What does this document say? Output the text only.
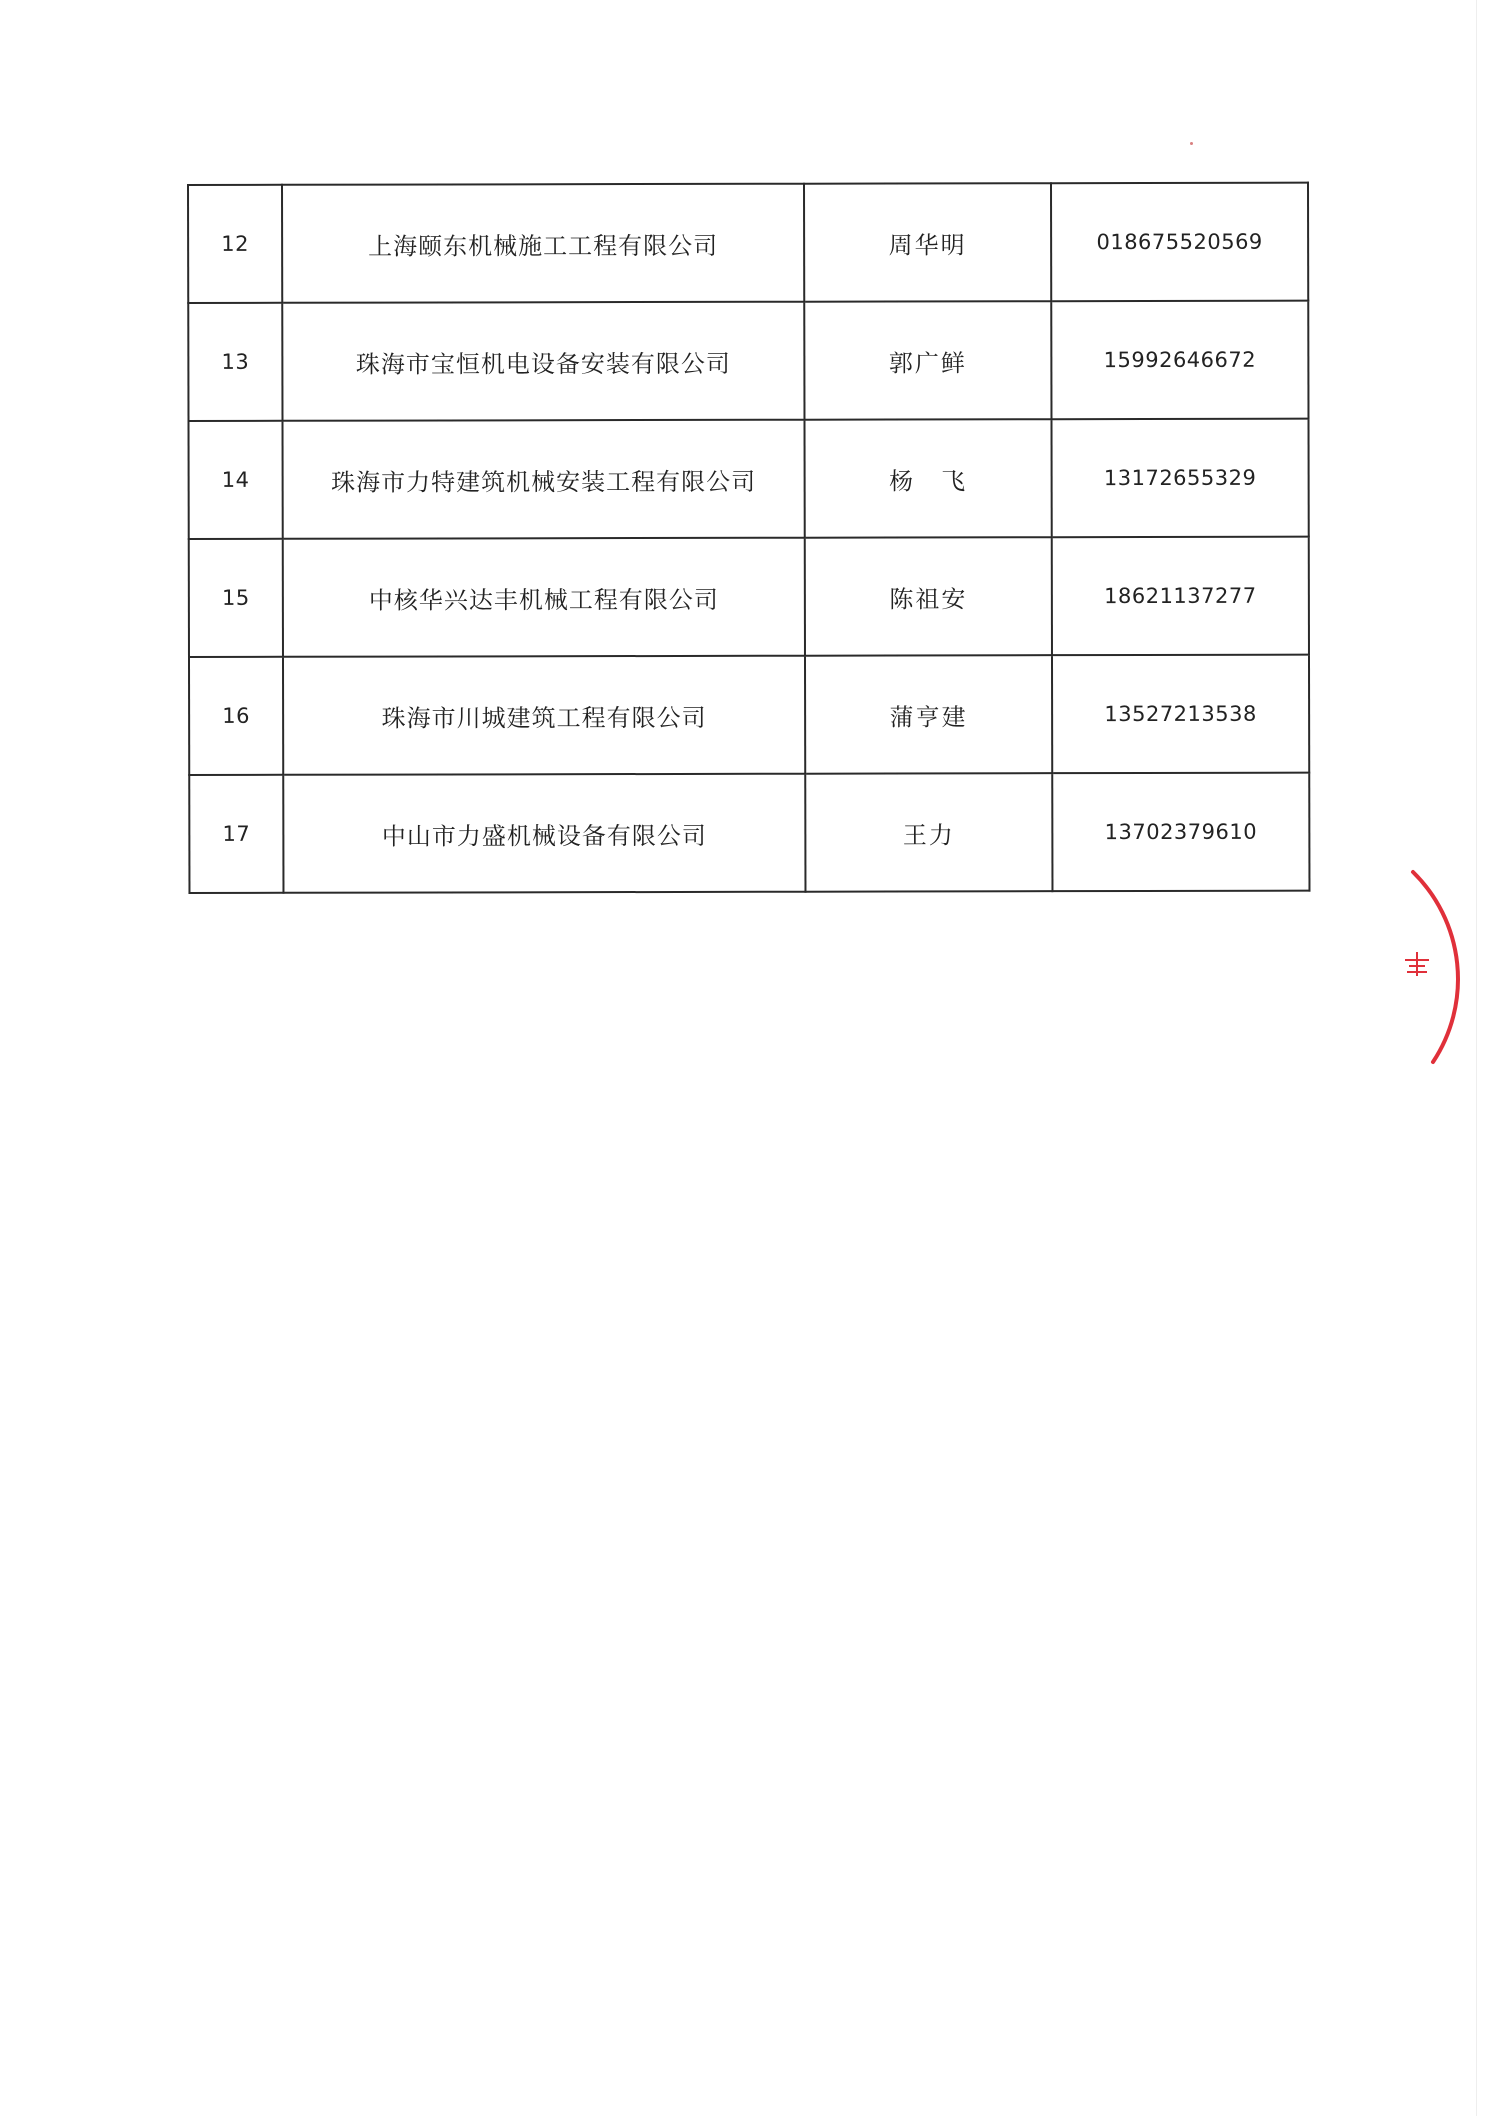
12	上海颐东机械施工工程有限公司	周华明	018675520569
13	珠海市宝恒机电设备安装有限公司	郭广鲜	15992646672
14	珠海市力特建筑机械安装工程有限公司	杨　飞	13172655329
15	中核华兴达丰机械工程有限公司	陈祖安	18621137277
16	珠海市川城建筑工程有限公司	蒲亨建	13527213538
17	中山市力盛机械设备有限公司	王力	13702379610
